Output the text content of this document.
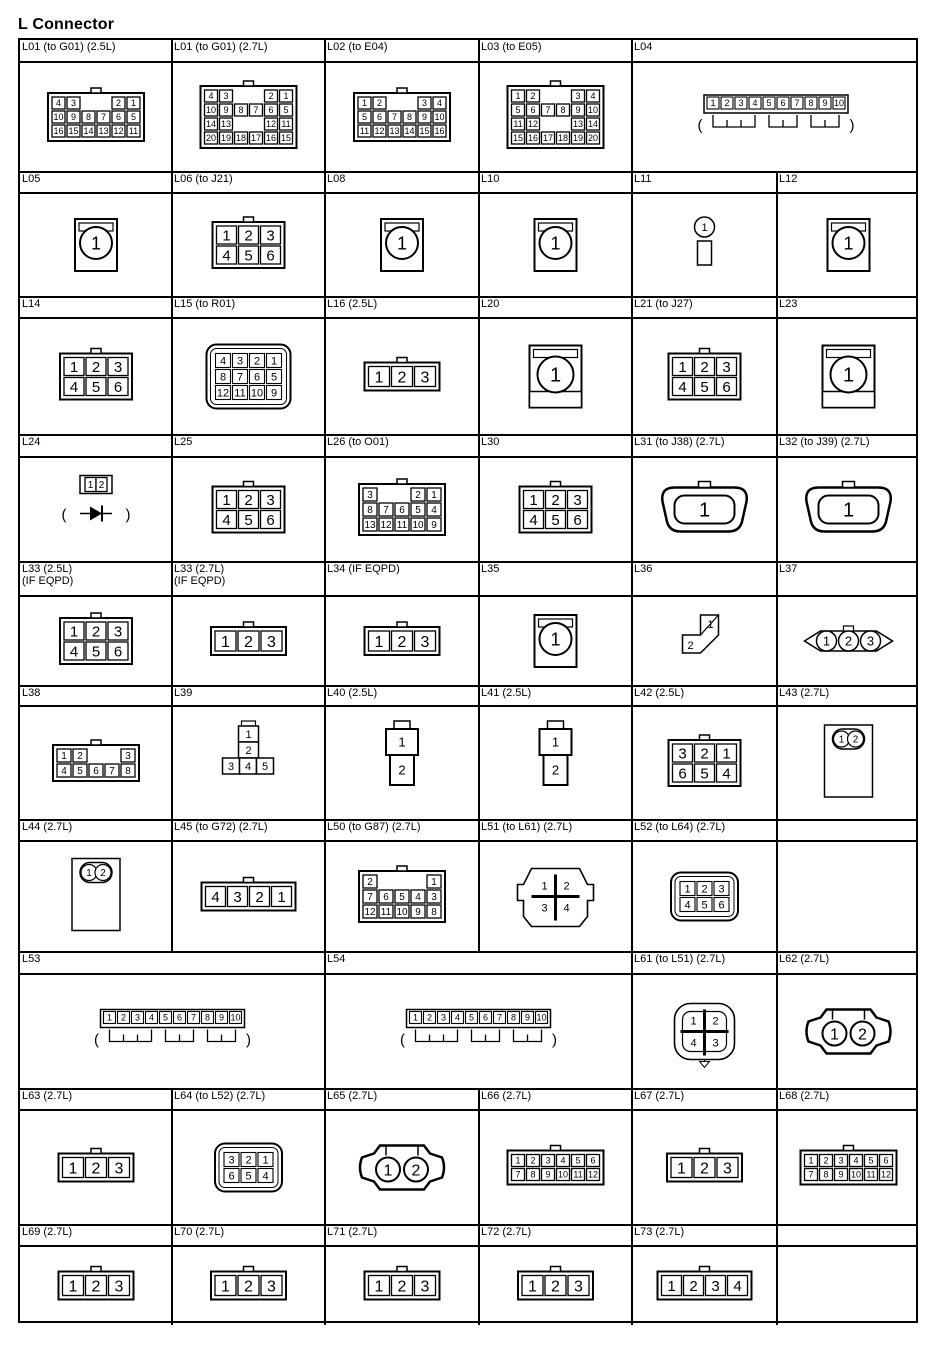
L Connector
L01 (to G01) (2.5L)
4 3	2 1
10 9 8 7 6 5
16 15 14 13 12 11
L01 (to G01) (2.7L)
4 3	2 1
10 9 8 7 6 5
14 13	12 11
20 19 18 17 16 15
L02 (to E04)
1 2	3 4
5 6 7 8 9 10
11 12 13 14 15 16
L03 (to E05)
1 2	3 4
5 6 7 8 9 10
11 12	13 14
15 16 17 18 19 20
L04
1 2 3 4 5 6 7 8 9 10
(	)
L05
1
L06 (to J21)
1 2 3
4 5 6
L08
1
L10
1
L11
1
L12
1
L14
1 2 3
4 5 6
L15 (to R01)
4 3 2 1
8 7 6 5
12 11 10 9
L16 (2.5L)
1 2 3
L20
1
L21 (to J27)
1 2 3
4 5 6
L23
1
L24
1 2
(	)
L25
1 2 3
4 5 6
L26 (to O01)
3	2 1
8 7 6 5 4
13 12 11 10 9
L30
1 2 3
4 5 6
L31 (to J38) (2.7L)
1
L32 (to J39) (2.7L)
1
L33 (2.5L)
(IF EQPD)
1 2 3
4 5 6
L33 (2.7L)
(IF EQPD)
1 2 3
L34 (IF EQPD)
1 2 3
L35
1
L36
1
2
L37
1 2 3
L38
1 2	3
4 5 6 7 8
L39
1
2
3 4 5
L40 (2.5L)
1
2
L41 (2.5L)
1
2
L42 (2.5L)
3 2 1
6 5 4
L43 (2.7L)
1 2
L44 (2.7L)
1 2
L45 (to G72) (2.7L)
4 3 2 1
L50 (to G87) (2.7L)
2	1
7 6 5 4 3
12 11 10 9 8
L51 (to L61) (2.7L)
1 2
3 4
L52 (to L64) (2.7L)
1 2 3
4 5 6
L53
1 2 3 4 5 6 7 8 9 10
(	)
L54
1 2 3 4 5 6 7 8 9 10
(	)
L61 (to L51) (2.7L)
1 2
4 3
L62 (2.7L)
1 2
L63 (2.7L)
1 2 3
L64 (to L52) (2.7L)
3 2 1
6 5 4
L65 (2.7L)
1 2
L66 (2.7L)
1 2 3 4 5 6
7 8 9 10 11 12
L67 (2.7L)
1 2 3
L68 (2.7L)
1 2 3 4 5 6
7 8 9 10 11 12
L69 (2.7L)
1 2 3
L70 (2.7L)
1 2 3
L71 (2.7L)
1 2 3
L72 (2.7L)
1 2 3
L73 (2.7L)
1 2 3 4
